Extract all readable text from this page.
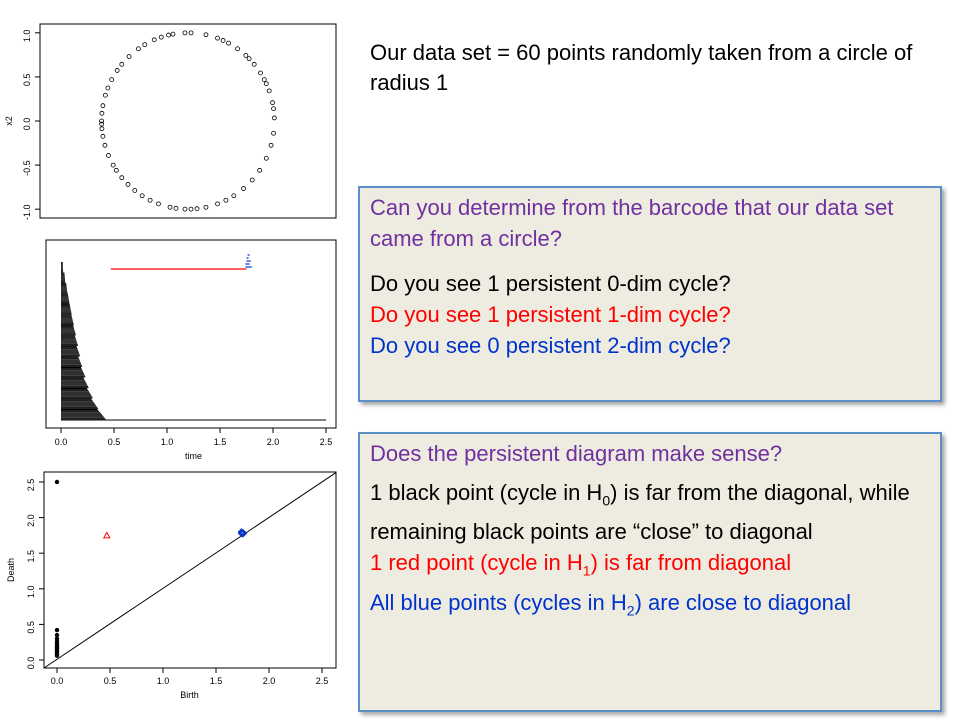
-1.0
-0.5
0.0
0.5
1.0
x2
0.0	0.5	1.0	1.5	2.0	2.5
time
0.0	0.5	1.0	1.5	2.0	2.5
0.0
0.5
1.0
1.5
2.0
2.5
Birth
Death
Our data set = 60 points randomly taken from a circle of radius 1

Can you determine from the barcode that our data set came from a circle?

Do you see 1 persistent 0-dim cycle?

Do you see 1 persistent 1-dim cycle?

Do you see 0 persistent 2-dim cycle?

Does the persistent diagram make sense?

1 black point (cycle in $H_0$) is far from the diagonal, while remaining black points are “close” to diagonal

1 red point (cycle in $H_1$) is far from diagonal

All blue points (cycles in $H_2$) are close to diagonal
